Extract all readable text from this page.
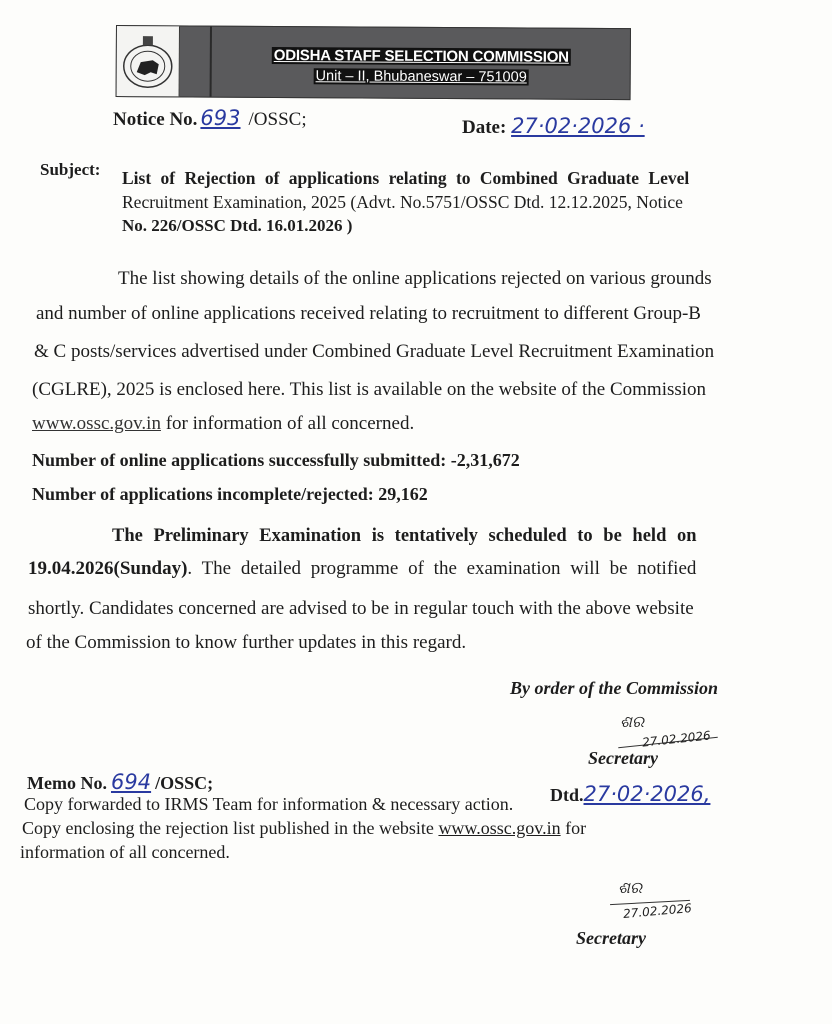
ODISHA STAFF SELECTION COMMISSION
Unit – II, Bhubaneswar – 751009
Notice No. 693 /OSSC;	Date: 27·02·2026 ·
Subject: List of Rejection of applications relating to Combined Graduate Level
Recruitment Examination, 2025 (Advt. No.5751/OSSC Dtd. 12.12.2025, Notice
No. 226/OSSC Dtd. 16.01.2026 )
The list showing details of the online applications rejected on various grounds
and number of online applications received relating to recruitment to different Group-B
& C posts/services advertised under Combined Graduate Level Recruitment Examination
(CGLRE), 2025 is enclosed here. This list is available on the website of the Commission
www.ossc.gov.in for information of all concerned.
Number of online applications successfully submitted: -2,31,672
Number of applications incomplete/rejected: 29,162
The Preliminary Examination is tentatively scheduled to be held on
19.04.2026(Sunday). The detailed programme of the examination will be notified
shortly. Candidates concerned are advised to be in regular touch with the above website
of the Commission to know further updates in this regard.
By order of the Commission
ଶର
27.02.2026
Secretary
Memo No. 694 /OSSC;
Dtd.27·02·2026,
Copy forwarded to IRMS Team for information & necessary action.
Copy enclosing the rejection list published in the website www.ossc.gov.in for
information of all concerned.
ଶର
27.02.2026
Secretary
